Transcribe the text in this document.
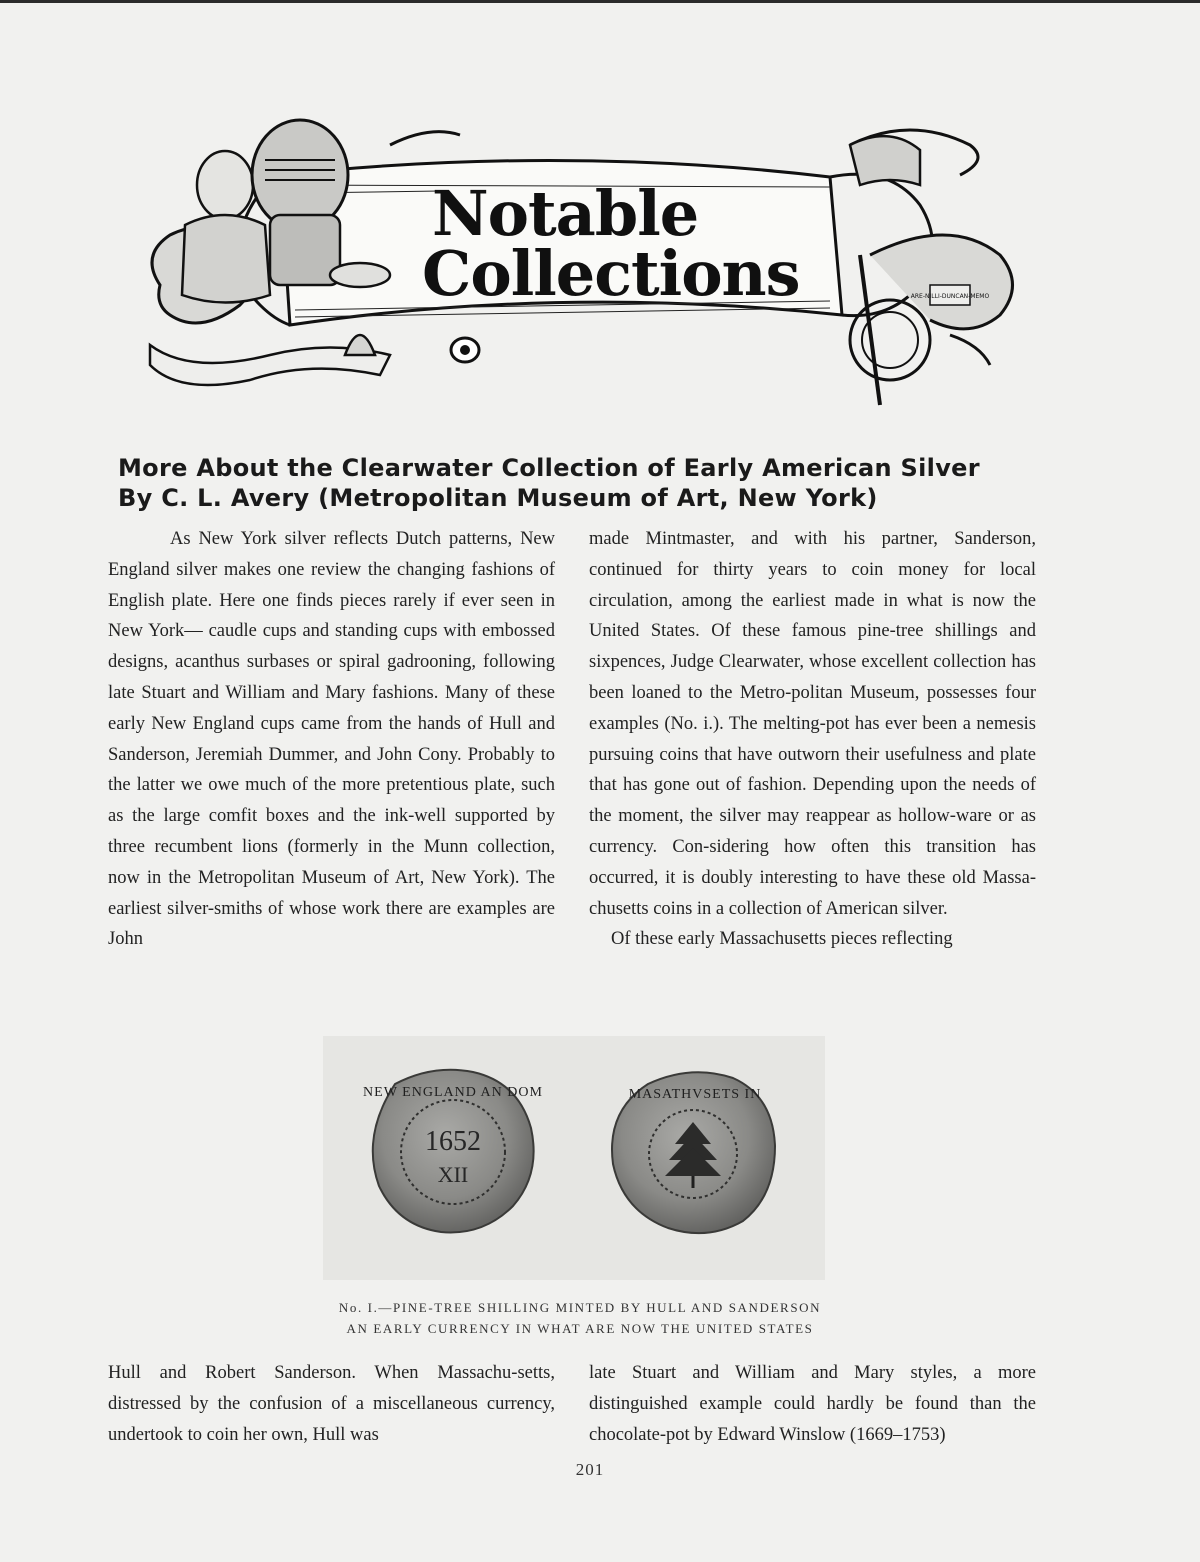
ARE-NILLI-DUNCAN-MEMO
Notable
Collections
More About the Clearwater Collection of Early American Silver
By C. L. Avery (Metropolitan Museum of Art, New York)

As New York silver reflects Dutch patterns, New England silver makes one review the changing fashions of English plate. Here one finds pieces rarely if ever seen in New York— caudle cups and standing cups with embossed designs, acanthus surbases or spiral gadrooning, following late Stuart and William and Mary fashions. Many of these early New England cups came from the hands of Hull and Sanderson, Jeremiah Dummer, and John Cony. Probably to the latter we owe much of the more pretentious plate, such as the large comfit boxes and the ink-well supported by three recumbent lions (formerly in the Munn collection, now in the Metropolitan Museum of Art, New York). The earliest silver-smiths of whose work there are examples are John

made Mintmaster, and with his partner, Sanderson, continued for thirty years to coin money for local circulation, among the earliest made in what is now the United States. Of these famous pine-tree shillings and sixpences, Judge Clearwater, whose excellent collection has been loaned to the Metro-politan Museum, possesses four examples (No. i.). The melting-pot has ever been a nemesis pursuing coins that have outworn their usefulness and plate that has gone out of fashion. Depending upon the needs of the moment, the silver may reappear as hollow-ware or as currency. Con-sidering how often this transition has occurred, it is doubly interesting to have these old Massa-chusetts coins in a collection of American silver.

Of these early Massachusetts pieces reflecting

1652
XII
NEW ENGLAND AN DOM	MASATHVSETS IN
No. I.—PINE-TREE SHILLING MINTED BY HULL AND SANDERSON
AN EARLY CURRENCY IN WHAT ARE NOW THE UNITED STATES

Hull and Robert Sanderson. When Massachu-setts, distressed by the confusion of a miscellaneous currency, undertook to coin her own, Hull was

late Stuart and William and Mary styles, a more distinguished example could hardly be found than the chocolate-pot by Edward Winslow (1669–1753)

201
